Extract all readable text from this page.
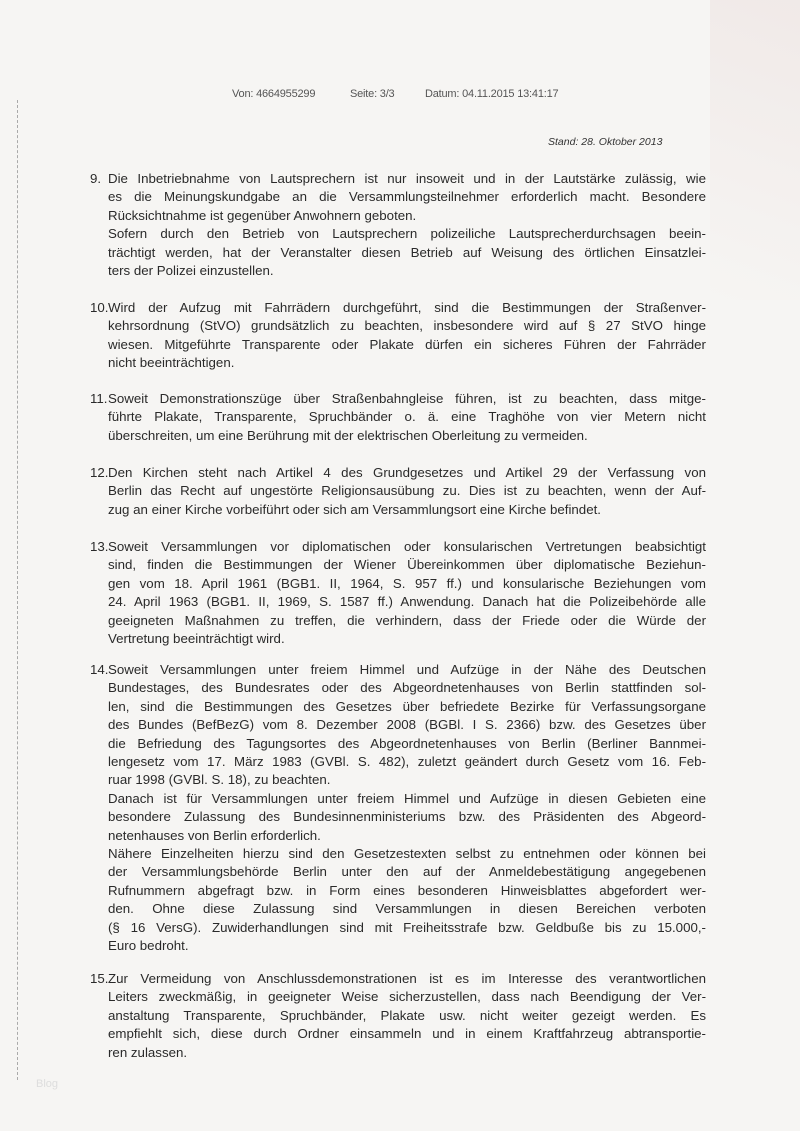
Von: 4664955299	Seite: 3/3	Datum: 04.11.2015 13:41:17
Stand: 28. Oktober 2013
9. Die Inbetriebnahme von Lautsprechern ist nur insoweit und in der Lautstärke zulässig, wie
es die Meinungskundgabe an die Versammlungsteilnehmer erforderlich macht. Besondere
Rücksichtnahme ist gegenüber Anwohnern geboten.
Sofern durch den Betrieb von Lautsprechern polizeiliche Lautsprecherdurchsagen beein-
trächtigt werden, hat der Veranstalter diesen Betrieb auf Weisung des örtlichen Einsatzlei-
ters der Polizei einzustellen.
10. Wird der Aufzug mit Fahrrädern durchgeführt, sind die Bestimmungen der Straßenver-
kehrsordnung (StVO) grundsätzlich zu beachten, insbesondere wird auf § 27 StVO hinge
wiesen. Mitgeführte Transparente oder Plakate dürfen ein sicheres Führen der Fahrräder
nicht beeinträchtigen.
11. Soweit Demonstrationszüge über Straßenbahngleise führen, ist zu beachten, dass mitge-
führte Plakate, Transparente, Spruchbänder o. ä. eine Traghöhe von vier Metern nicht
überschreiten, um eine Berührung mit der elektrischen Oberleitung zu vermeiden.
12. Den Kirchen steht nach Artikel 4 des Grundgesetzes und Artikel 29 der Verfassung von
Berlin das Recht auf ungestörte Religionsausübung zu. Dies ist zu beachten, wenn der Auf-
zug an einer Kirche vorbeiführt oder sich am Versammlungsort eine Kirche befindet.
13. Soweit Versammlungen vor diplomatischen oder konsularischen Vertretungen beabsichtigt
sind, finden die Bestimmungen der Wiener Übereinkommen über diplomatische Beziehun-
gen vom 18. April 1961 (BGB1. II, 1964, S. 957 ff.) und konsularische Beziehungen vom
24. April 1963 (BGB1. II, 1969, S. 1587 ff.) Anwendung. Danach hat die Polizeibehörde alle
geeigneten Maßnahmen zu treffen, die verhindern, dass der Friede oder die Würde der
Vertretung beeinträchtigt wird.
14. Soweit Versammlungen unter freiem Himmel und Aufzüge in der Nähe des Deutschen
Bundestages, des Bundesrates oder des Abgeordnetenhauses von Berlin stattfinden sol-
len, sind die Bestimmungen des Gesetzes über befriedete Bezirke für Verfassungsorgane
des Bundes (BefBezG) vom 8. Dezember 2008 (BGBl. I S. 2366) bzw. des Gesetzes über
die Befriedung des Tagungsortes des Abgeordnetenhauses von Berlin (Berliner Bannmei-
lengesetz vom 17. März 1983 (GVBl. S. 482), zuletzt geändert durch Gesetz vom 16. Feb-
ruar 1998 (GVBl. S. 18), zu beachten.
Danach ist für Versammlungen unter freiem Himmel und Aufzüge in diesen Gebieten eine
besondere Zulassung des Bundesinnenministeriums bzw. des Präsidenten des Abgeord-
netenhauses von Berlin erforderlich.
Nähere Einzelheiten hierzu sind den Gesetzestexten selbst zu entnehmen oder können bei
der Versammlungsbehörde Berlin unter den auf der Anmeldebestätigung angegebenen
Rufnummern abgefragt bzw. in Form eines besonderen Hinweisblattes abgefordert wer-
den. Ohne diese Zulassung sind Versammlungen in diesen Bereichen verboten
(§ 16 VersG). Zuwiderhandlungen sind mit Freiheitsstrafe bzw. Geldbuße bis zu 15.000,-
Euro bedroht.
15. Zur Vermeidung von Anschlussdemonstrationen ist es im Interesse des verantwortlichen
Leiters zweckmäßig, in geeigneter Weise sicherzustellen, dass nach Beendigung der Ver-
anstaltung Transparente, Spruchbänder, Plakate usw. nicht weiter gezeigt werden. Es
empfiehlt sich, diese durch Ordner einsammeln und in einem Kraftfahrzeug abtransportie-
ren zulassen.
Blog
